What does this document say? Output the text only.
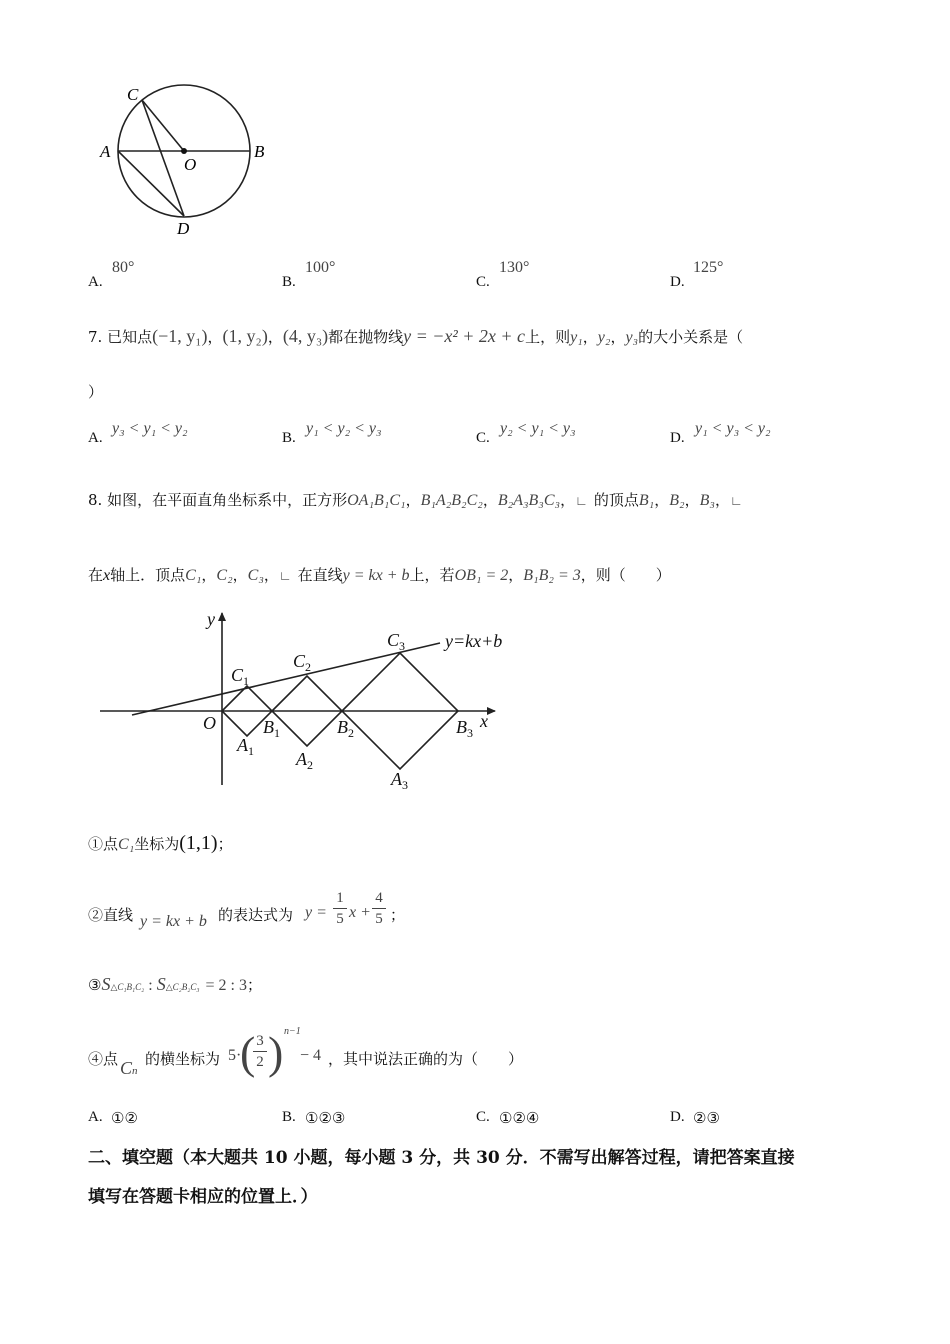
C
A
O
B
D
A.
80°
B.
100°
C.
130°
D.
125°
7. 已知点(−1, y₁)，(1, y₂)，(4, y₃)都在抛物线y = −x² + 2x + c上，则y₁，y₂，y₃的大小关系是（
）
A.
y₃ < y₁ < y₂
B.
y₁ < y₂ < y₃
C.
y₂ < y₁ < y₃
D.
y₁ < y₃ < y₂
8. 如图，在平面直角坐标系中，正方形OA₁B₁C₁，B₁A₂B₂C₂，B₂A₃B₃C₃，∟ 的顶点B₁，B₂，B₃，∟
在x轴上．顶点C₁，C₂，C₃，∟ 在直线y = kx + b上，若OB₁ = 2，B₁B₂ = 3，则（　　）
y
x
O
y=kx+b
$C_1$
$C_2$
$C_3$
$B_1$	$B_2$	$B_3$
$A_1$ $A_2$
$A_3$
①点C₁坐标为(1,1)；
②直线 y = kx + b 的表达式为 y =
1
5 x +
4
5 ；
③S△C₁B₁C₂ : S△C₂B₂C₃ = 2 : 3；
④点 Cn
的横坐标为 5·
( 3
2 ) n−1
− 4 ，其中说法正确的为（　　）
A. ①②	B. ①②③	C. ①②④	D. ②③
二、填空题（本大题共 10 小题，每小题 3 分，共 30 分．不需写出解答过程，请把答案直接
填写在答题卡相应的位置上．）
